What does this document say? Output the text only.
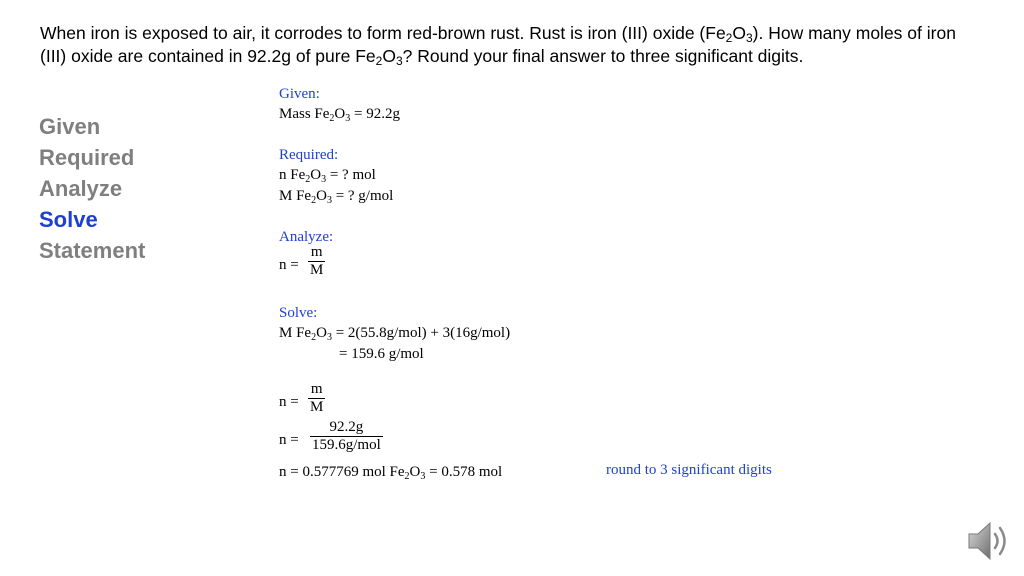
When iron is exposed to air, it corrodes to form red-brown rust. Rust is iron (III) oxide $(Fe_2O_3)$. How many moles of iron (III) oxide are contained in 92.2g of pure $Fe_2O_3$? Round your final answer to three significant digits.
Given
Required
Analyze
Solve
Statement
Given:
Mass $Fe_2O_3 = 92.2g$
Required:
n $Fe_2O_3$ = ? mol
M $Fe_2O_3$ = ? g/mol
Analyze:
n =
m
M
Solve:
M $Fe_2O_3 = 2(55.8g/mol) + 3(16g/mol)$
= 159.6 g/mol
n =
m
M
n =
92.2g
159.6g/mol
n = 0.577769 mol $Fe_2O_3 = 0.578$ mol	round to 3 significant digits
